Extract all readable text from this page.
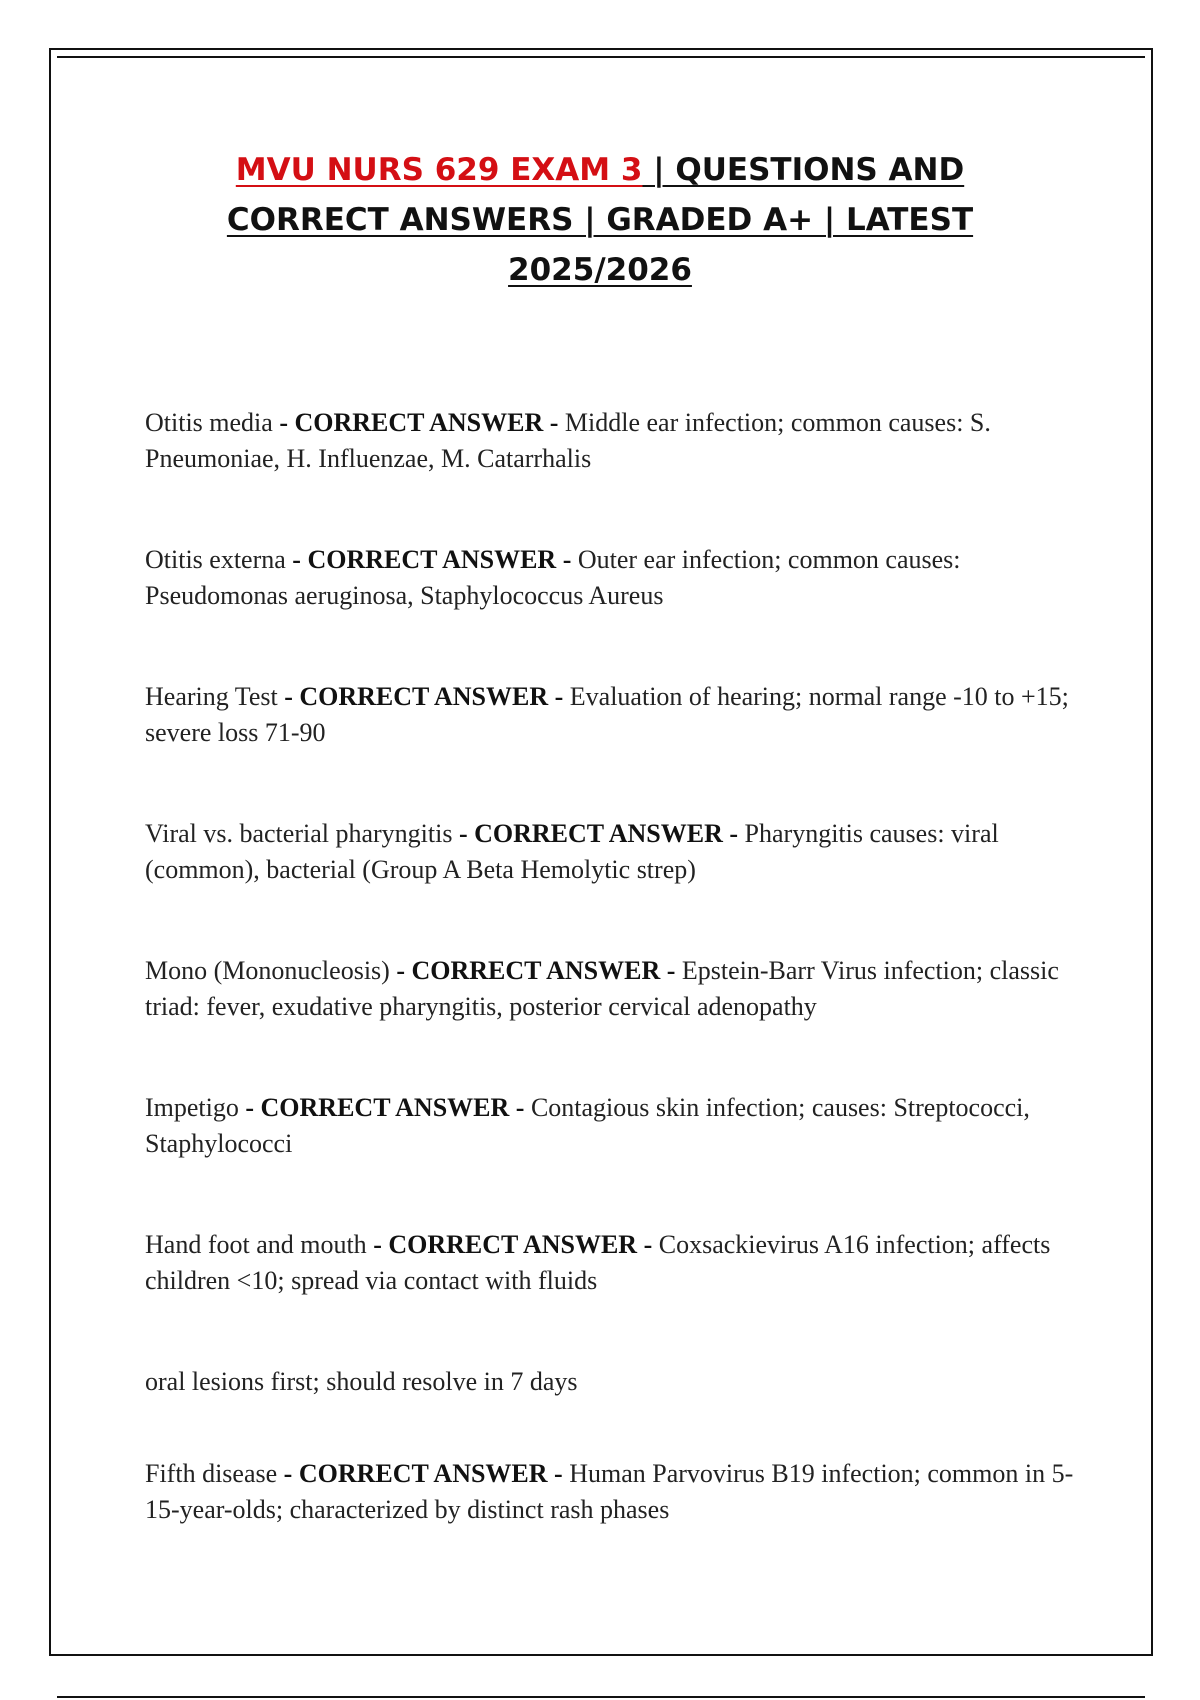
MVU NURS 629 EXAM 3 | QUESTIONS AND
CORRECT ANSWERS | GRADED A+ | LATEST
2025/2026

Otitis media - CORRECT ANSWER - Middle ear infection; common causes: S. Pneumoniae, H. Influenzae, M. Catarrhalis

Otitis externa - CORRECT ANSWER - Outer ear infection; common causes: Pseudomonas aeruginosa, Staphylococcus Aureus

Hearing Test - CORRECT ANSWER - Evaluation of hearing; normal range -10 to +15; severe loss 71-90

Viral vs. bacterial pharyngitis - CORRECT ANSWER - Pharyngitis causes: viral (common), bacterial (Group A Beta Hemolytic strep)

Mono (Mononucleosis) - CORRECT ANSWER - Epstein-Barr Virus infection; classic triad: fever, exudative pharyngitis, posterior cervical adenopathy

Impetigo - CORRECT ANSWER - Contagious skin infection; causes: Streptococci, Staphylococci

Hand foot and mouth - CORRECT ANSWER - Coxsackievirus A16 infection; affects children <10; spread via contact with fluids

oral lesions first; should resolve in 7 days

Fifth disease - CORRECT ANSWER - Human Parvovirus B19 infection; common in 5-15-year-olds; characterized by distinct rash phases
